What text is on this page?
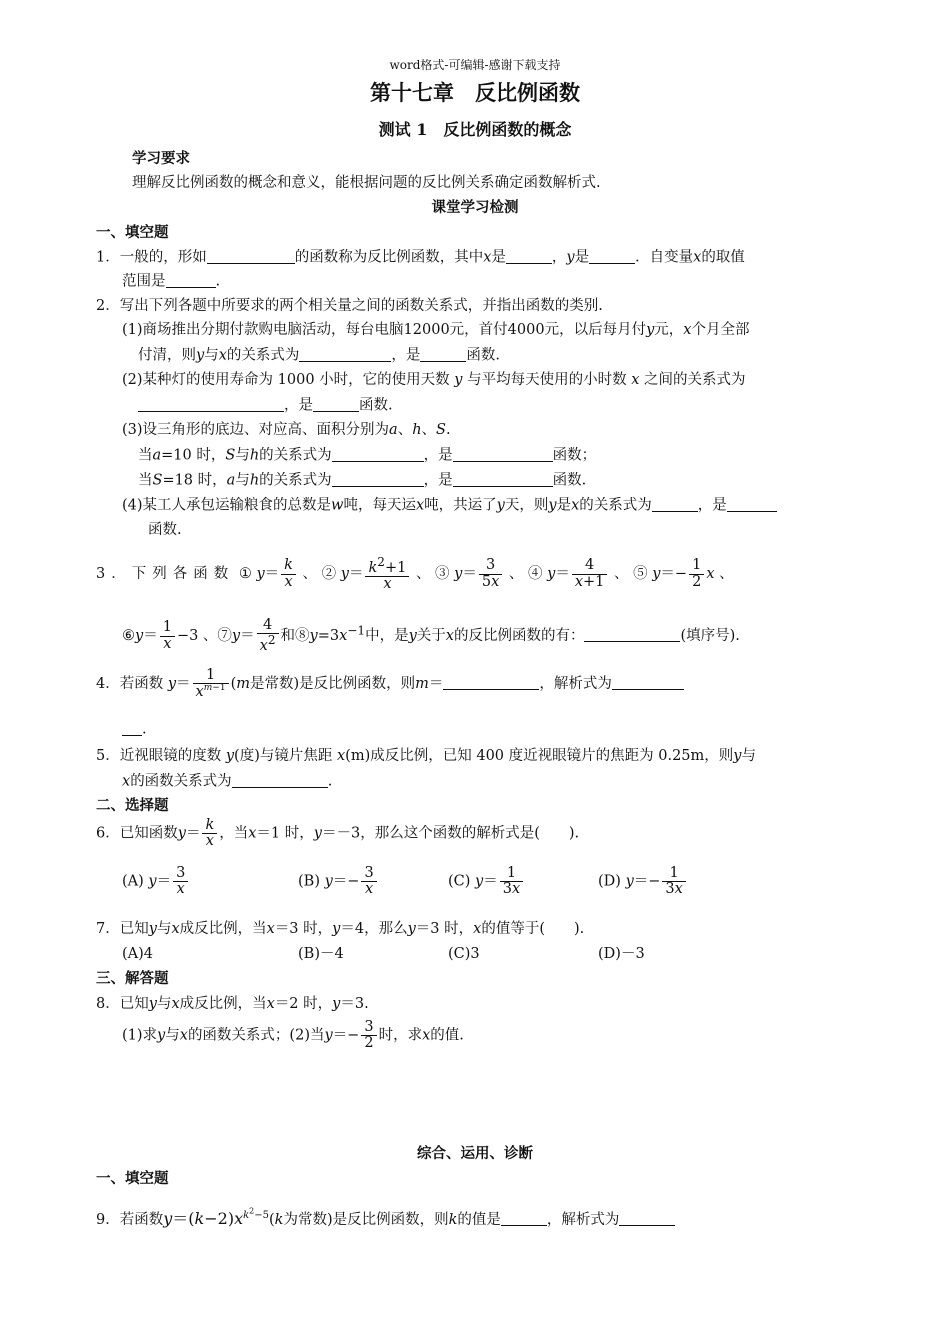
word格式-可编辑-感谢下载支持
第十七章　反比例函数
测试 1　反比例函数的概念
学习要求
理解反比例函数的概念和意义，能根据问题的反比例关系确定函数解析式.
课堂学习检测
一、填空题
1．一般的，形如	的函数称为反比例函数，其中x是	，y是	．自变量x的取值
范围是	.
2．写出下列各题中所要求的两个相关量之间的函数关系式，并指出函数的类别.
(1)商场推出分期付款购电脑活动，每台电脑12000元，首付4000元，以后每月付y元，x个月全部
付清，则y与x的关系式为	，是	函数.
(2)某种灯的使用寿命为 1000 小时，它的使用天数 y 与平均每天使用的小时数 x 之间的关系式为
，是	函数.
(3)设三角形的底边、对应高、面积分别为a、h、S.
当a=10 时，S与h的关系式为	，是	函数；
当S=18 时，a与h的关系式为	，是	函数.
(4)某工人承包运输粮食的总数是w吨，每天运x吨，共运了y天，则y是x的关系式为	，是
函数.
3．下列各函数 ① $y= \frac{k}{x}$ 、 ② $y= \frac{k^2+1}{x}$ 、 ③ $y= \frac{3}{5x}$ 、 ④ $y= \frac{4}{x+1}$ 、 ⑤ $y=- \frac{1}{2}$ x 、
⑥y＝ $\frac{1}{x} -3$ 、⑦y＝ $\frac{4}{x^2}$ 和$⑧y=3x^{-1}$中，是y关于x的反比例函数的有：	(填序号).
4．若函数 $y= \frac{1}{x^{m-1}} (m$是常数)是反比例函数，则m＝	，解析式为
.
5．近视眼镜的度数 y(度)与镜片焦距 x(m)成反比例，已知 400 度近视眼镜片的焦距为 0.25m，则y与
x的函数关系式为	.
二、选择题
6．已知函数$y= \frac{k}{x}$ ，当x＝1 时，y＝－3，那么这个函数的解析式是(　　).
(A) $y= \frac{3}{x}$	(B) $y=- \frac{3}{x}$	(C) $y= \frac{1}{3x}$	(D) $y=- \frac{1}{3x}$
7．已知y与x成反比例，当x＝3 时，y＝4，那么y＝3 时，x的值等于(　　).
(A)4	(B)－4	(C)3	(D)－3
三、解答题
8．已知y与x成反比例，当x＝2 时，y＝3.
(1)求y与x的函数关系式；(2)当$y=- \frac{3}{2}$ 时，求x的值.
综合、运用、诊断
一、填空题
9．若函数$y=(k-2)x^{k^2-5}(k$为常数)是反比例函数，则k的值是	，解析式为
